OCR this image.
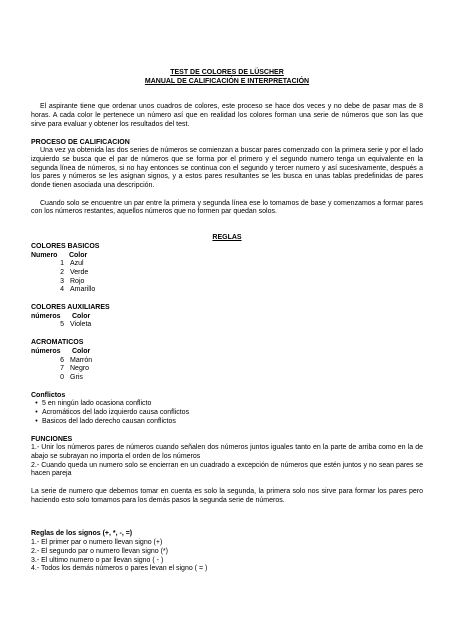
TEST DE COLORES DE LÜSCHER

MANUAL DE CALIFICACIÓN E INTERPRETACIÓN

El aspirante tiene que ordenar unos cuadros de colores, este proceso se hace dos veces y no debe de pasar mas de 8 horas. A cada color le pertenece un número así que en realidad los colores forman una serie de números que son las que sirve para evaluar y obtener los resultados del test.

PROCESO DE CALIFICACION

Una vez ya obtenida las dos series de números se comienzan a buscar pares comenzado con la primera serie y por el lado izquierdo se busca que el par de números que se forma por el primero y el segundo numero tenga un equivalente en la segunda línea de números, si no hay entonces se continua con el segundo y tercer numero y así sucesivamente, después a los pares y números se les asignan signos, y a estos pares resultantes se les busca en unas tablas predefinidas de pares donde tienen asociada una descripción.

Cuando solo se encuentre un par entre la primera y segunda línea ese lo tomamos de base y comenzamos a formar pares con los números restantes, aquellos números que no formen par quedan solos.

REGLAS

COLORES BASICOS

Numero Color

1 Azul
2 Verde
3 Rojo
4 Amarillo

COLORES AUXILIARES

números Color

5 Violeta

ACROMATICOS

números Color

6 Marrón
7 Negro
0 Gris

Conflictos

• 5 en ningún lado ocasiona conflicto
• Acromáticos del lado izquierdo causa conflictos
• Basicos del lado derecho causan conflictos

FUNCIONES

1.- Unir los números pares de números cuando señalen dos números juntos iguales tanto en la parte de arriba como en la de abajo se subrayan no importa el orden de los números

2.- Cuando queda un numero solo se encierran en un cuadrado a excepción de números que estén juntos y no sean pares se hacen pareja

La serie de numero que debemos tomar en cuenta es solo la segunda, la primera solo nos sirve para formar los pares pero haciendo esto solo tomamos para los demás pasos la segunda serie de números.

Reglas de los signos (+, *, -, =)

1.- El primer par o numero llevan signo (+)

2.- El segundo par o numero llevan signo (*)

3.- El ultimo numero o par llevan signo ( - )

4.- Todos los demás números o pares levan el signo ( = )
